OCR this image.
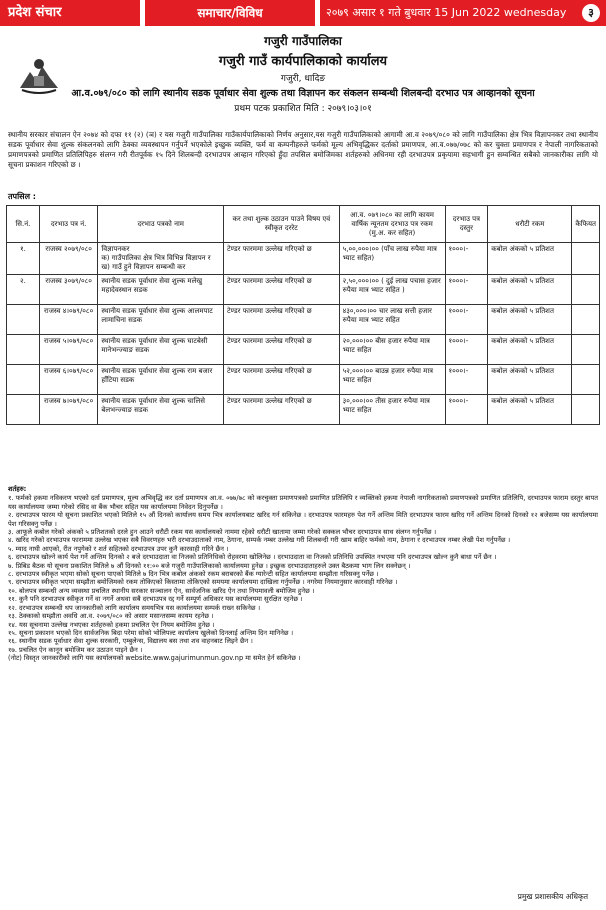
प्रदेश संचार	समाचार/विविध	२०७९ असार १ गते बुधवार 15 Jun 2022 wednesday	३
गजुरी गाउँपालिका
गजुरी गाउँ कार्यपालिकाको कार्यालय
गजुरी, धादिङ
आ.व.०७९/०८० को लागि स्थानीय सडक पूर्वाधार सेवा शुल्क तथा विज्ञापन कर संकलन सम्बन्धी शिलबन्दी दरभाउ पत्र आव्हानको सूचना
प्रथम पटक प्रकाशित मिति : २०७९।०३।०१
स्थानीय सरकार संचालन ऐन २०७४ को दफा ११ (२) (ञ) र यस गजुरी गाउँपालिका गाउँकार्यपालिकाको निर्णय अनुसार,यस गजुरी गाउँपालिकाको आगामी आ.व २०७९/०८० को लागि गाउँपालिका क्षेत्र भित्र विज्ञापनकर तथा स्थानीय सडक पूर्वाधार सेवा शुल्क संकलनको लागि ठेक्का व्यवस्थापन गर्नुपर्ने भएकोले इच्छुक व्यक्ति, फर्म वा कम्पनीहरुले फर्मको मूल्य अभिवृद्धिकर दर्ताको प्रमाणपत्र, आ.व.०७७/०७८ को कर चुक्ता प्रमाणपत्र र नेपाली नागरिकताको प्रमाणपत्रको प्रमाणित प्रतिलिपिहरु संलग्न गरी रीतपूर्वक १५ दिने शिलबन्दी दरभाउपत्र आव्हान गरिएको हुँदा तपसिल बमोजिमका शर्तहरुको अधिनमा रही दरभाउपत्र प्रकृयामा सहभागी हुन सम्वन्धित सबैको जानकारीका लागि यो सूचना प्रकाशन गरिएको छ ।
तपसिल :
सि.नं.	दरभाउ पत्र नं.	दरभाउ पत्रको नाम	कर तथा शुल्क उठाउन पाउने विषय एवं स्वीकृत दररेट	आ.व. ०७९।०८० का लागि कायम वार्षिक न्यूनतम दरभाउ पत्र रकम (मु.अ. कर सहित)	दरभाउ पत्र दस्तुर	धरौटी रकम	कैफियत
१.	राजस्व २०७९/०८०	विज्ञापनकर
क) गाउँपालिका क्षेत्र भित्र विभिन्न विज्ञापन र
ख) गाउँ हुने विज्ञापन सम्बन्धी कर	टेण्डर फारममा उल्लेख गरिएको छ	५,००,०००।०० (पाँच लाख रुपैया मात्र भ्याट सहित)	१०००।-	कबोल अंकको ५ प्रतिशत	
२.	राजस्व ३०७९/०८०	स्थानीय सडक पूर्वाधार सेवा शुल्क मलेखु महादेवस्थान सडक	टेण्डर फारममा उल्लेख गरिएको छ	२,५०,०००।०० ( दुई लाख पचास हजार रुपैया मात्र भ्याट सहित )	१०००।-	कबोल अंकको ५ प्रतिशत	
	राजस्व ४।०७९/०८०	स्थानीय सडक पूर्वाधार सेवा शुल्क आलमपाट लामाचिना सडक	टेण्डर फारममा उल्लेख गरिएको छ	४३०,०००।०० चार लाख सत्ती हजार रुपैया मात्र भ्याट सहित	१०००।-	कबोल अंकको ५ प्रतिशत	
	राजस्व ५।०७९/०८०	स्थानीय सडक पूर्वाधार सेवा शुल्क घाटबेसी मानेभन्ज्याङ सडक	टेण्डर फारममा उल्लेख गरिएको छ	२०,०००।०० बीस हजार रुपैया मात्र भ्याट सहित	१०००।-	कबोल अंकको ५ प्रतिशत	
	राजस्व ६।०७९/०८०	स्थानीय सडक पूर्वाधार सेवा शुल्क राम बजार हाँटिया सडक	टेण्डर फारममा उल्लेख गरिएको छ	५२,०००।०० बाउन्न हजार रुपैया मात्र भ्याट सहित	१०००।-	कबोल अंकको ५ प्रतिशत	
	राजस्व ७।०७९/०८०	स्थानीय सडक पूर्वाधार सेवा शुल्क चालिसे बेलभन्ज्याङ सडक	टेण्डर फारममा उल्लेख गरिएको छ	३०,०००।०० तीस हजार रुपैया मात्र भ्याट सहित	१०००।-	कबोल अंकको ५ प्रतिशत	

शर्तहरु:

१. फर्मको हकमा नविकरण भएको दर्ता प्रमाणपत्र, मूल्य अभिवृद्धि कर दर्ता प्रमाणपत्र आ.व. ०७७/७८ को करचुक्ता प्रमाणपत्रको प्रमाणित प्रतिलिपि र व्यक्तिको हकमा नेपाली नागरिकताको प्रमाणपत्रको प्रमाणित प्रतिलिपि, दरभाउपत्र फाराम दस्तुर बापत यस कार्यालयमा जम्मा गरेको रसिद वा बैंक भौचर सहित यस कार्यालयमा निवेदन दिनुपर्नेछ ।

२. दरभाउपत्र फारम यो सूचना प्रकाशित भएको मितिले १५ औं दिनको कार्यालय समय भित्र कार्यालयबाट खरिद गर्न सकिनेछ । दरभाउपत्र फारमहरु पेश गर्ने अन्तिम मिति दरभाउपत्र फारम खरिद गर्ने अन्तिम दिनको दिनको १२ बजेसम्म यस कार्यालयमा पेश गरिसक्नु पर्नेछ ।

३. आफूले कबोल गरेको अंकको ५ प्रतिशतको दरले हुन आउने धरौटी रकम यस कार्यालयको नाममा रहेको धरौटी खातामा जम्मा गरेको सक्कल भौचर दरभाउपत्र साथ संलग्न गर्नुपर्नेछ ।

४. खरिद गरेको दरभाउपत्र फाराममा उल्लेख भएका सबै विवरणहरु भरी दरभाउदाताको नाम, ठेगाना, सम्पर्क नम्बर उल्लेख गरी शिलबन्दी गरी खाम बाहिर फर्मको नाम, ठेगाना र दरभाउपत्र नम्बर लेखी पेश गर्नुपर्नेछ ।

५. म्याद नाघी आएको, रीत नपुगेको र शर्त सहितको दरभाउपत्र उपर कुनै कारवाही गरिने छैन ।

६. दरभाउपत्र खोल्ने कार्य पेश गर्ने अन्तिम दिनको २ बजे दरभाउदाता वा निजको प्रतिनिधिको रोहवरमा खोलिनेछ । दरभाउदाता वा निजको प्रतिनिधि उपस्थित नभएमा पनि दरभाउपत्र खोल्न कुनै बाधा पर्ने छैन ।

७. प्रिबिड बैठक यो सूचना प्रकाशित मितिले ७ औं दिनको ११:०० बजे गजुरी गाउँपालिकाको कार्यालयमा हुनेछ । इच्छुक दरभाउदाताहरुले उक्त बैठकमा भाग लिन सक्नेछन् ।

८. दरभाउपत्र स्वीकृत भएमा सोको सूचना पाएको मितिले ७ दिन भित्र कबोल अंकको रकम बराबरको बैंक ग्यारेन्टी सहित कार्यालयमा सम्झौता गरिसक्नु पर्नेछ ।

९. दरभाउपत्र स्वीकृत भएमा सम्झौता बमोजिमको रकम तोकिएको किस्तामा तोकिएको समयमा कार्यालयमा दाखिला गर्नुपर्नेछ । नगरेमा नियमानुसार कारवाही गरिनेछ ।

१०. बोलपत्र सम्बन्धी अन्य व्यवस्था प्रचलित स्थानीय सरकार सञ्चालन ऐन, सार्वजनिक खरिद ऐन तथा नियमावली बमोजिम हुनेछ ।

११. कुनै पनि दरभाउपत्र स्वीकृत गर्ने वा नगर्ने अथवा सबै दरभाउपत्र रद्द गर्ने सम्पूर्ण अधिकार यस कार्यालयमा सुरक्षित रहनेछ ।

१२. दरभाउपत्र सम्बन्धी थप जानकारीको लागि कार्यालय समयभित्र यस कार्यालयमा सम्पर्क राख्न सकिनेछ ।

१३. ठेक्काको सम्झौता अवधि आ.व. २०७९/०८० को असार मसान्तसम्म कायम रहनेछ ।

१४. यस सूचनामा उल्लेख नभएका शर्तहरुको हकमा प्रचलित ऐन नियम बमोजिम हुनेछ ।

१५. सूचना प्रकाशन भएको दिन सार्वजनिक बिदा परेमा सोको भोलिपल्ट कार्यालय खुलेको दिनलाई अन्तिम दिन मानिनेछ ।

१६. स्थानीय सडक पूर्वाधार सेवा शुल्क सरकारी, एम्बुलेन्स, विद्यालय बस तथा शव वाहनबाट लिइने छैन ।

१७. प्रचलित ऐन कानून बमोजिम कर उठाउन पाइने छैन ।

(नोट) विस्तृत जानकारीको लागि यस कार्यालयको website.www.gajurimunmun.gov.np मा समेत हेर्न सकिनेछ ।

प्रमुख प्रशासकीय अधिकृत
